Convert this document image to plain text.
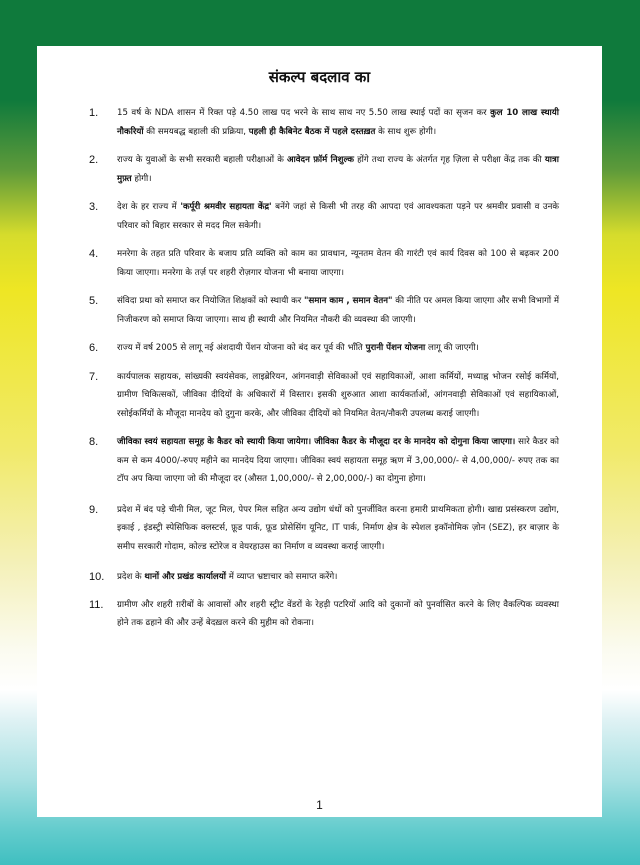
संकल्प बदलाव का
1. 15 वर्ष के NDA शासन में रिक्त पड़े 4.50 लाख पद भरने के साथ साथ नए 5.50 लाख स्थाई पदों का सृजन कर कुल 10 लाख स्थायी नौकरियों की समयबद्ध बहाली की प्रक्रिया, पहली ही कैबिनेट बैठक में पहले दस्तख़त के साथ शुरू होगी।
2. राज्य के युवाओं के सभी सरकारी बहाली परीक्षाओं के आवेदन फ़ॉर्म निशुल्क होंगे तथा राज्य के अंतर्गत गृह ज़िला से परीक्षा केंद्र तक की यात्रा मुफ़्त होगी।
3. देश के हर राज्य में 'कर्पूरी श्रमवीर सहायता केंद्र' बनेंगे जहां से किसी भी तरह की आपदा एवं आवश्यकता पड़ने पर श्रमवीर प्रवासी व उनके परिवार को बिहार सरकार से मदद मिल सकेगी।
4. मनरेगा के तहत प्रति परिवार के बजाय प्रति व्यक्ति को काम का प्रावधान, न्यूनतम वेतन की गारंटी एवं कार्य दिवस को 100 से बढ़कर 200 किया जाएगा। मनरेगा के तर्ज़ पर शहरी रोज़गार योजना भी बनाया जाएगा।
5. संविदा प्रथा को समाप्त कर नियोजित शिक्षकों को स्थायी कर "समान काम , समान वेतन" की नीति पर अमल किया जाएगा और सभी विभागों में निजीकरण को समाप्त किया जाएगा। साथ ही स्थायी और नियमित नौकरी की व्यवस्था की जाएगी।
6. राज्य में वर्ष 2005 से लागू नई अंशदायी पेंशन योजना को बंद कर पूर्व की भाँति पुरानी पेंशन योजना लागू की जाएगी।
7. कार्यपालक सहायक, सांख्यकी स्वयंसेवक, लाइब्रेरियन, आंगनवाड़ी सेविकाओं एवं सहायिकाओं, आशा कर्मियों, मध्याह्न भोजन रसोई कर्मियों, ग्रामीण चिकित्सकों, जीविका दीदियों के अधिकारों में विस्तार। इसकी शुरुआत आशा कार्यकर्ताओं, आंगनवाड़ी सेविकाओं एवं सहायिकाओं, रसोईकर्मियों के मौजूदा मानदेय को दुगुना करके, और जीविका दीदियों को नियमित वेतन/नौकरी उपलब्ध कराई जाएगी।
8. जीविका स्वयं सहायता समूह के कैडर को स्थायी किया जायेगा। जीविका कैडर के मौजूदा दर के मानदेय को दोगुना किया जाएगा। सारे कैडर को कम से कम 4000/-रुपए महीने का मानदेय दिया जाएगा। जीविका स्वयं सहायता समूह ऋण में 3,00,000/- से 4,00,000/- रुपए तक का टॉप अप किया जाएगा जो की मौजूदा दर (औसत 1,00,000/- से 2,00,000/-) का दोगुना होगा।
9. प्रदेश में बंद पड़े चीनी मिल, जूट मिल, पेपर मिल सहित अन्य उद्योग धंधों को पुनर्जीवित करना हमारी प्राथमिकता होगी। खाद्य प्रसंस्करण उद्योग, इकाई , इंडस्ट्री स्पेसिफिक क्लस्टर्स, फ़ूड पार्क, फ़ूड प्रोसेसिंग यूनिट, IT पार्क, निर्माण क्षेत्र के स्पेशल इकॉनोमिक ज़ोन (SEZ), हर बाज़ार के समीप सरकारी गोदाम, कोल्ड स्टोरेज व वेयरहाउस का निर्माण व व्यवस्था कराई जाएगी।
10. प्रदेश के थानों और प्रखंड कार्यालयों में व्याप्त भ्रष्टाचार को समाप्त करेंगे।
11. ग्रामीण और शहरी ग़रीबों के आवासों और शहरी स्ट्रीट वेंडरों के रेहड़ी पटरियों आदि को दुकानों को पुनर्वासित करने के लिए वैकल्पिक व्यवस्था होने तक ढहाने की और उन्हें बेदख़ल करने की मुहीम को रोकना।
1
